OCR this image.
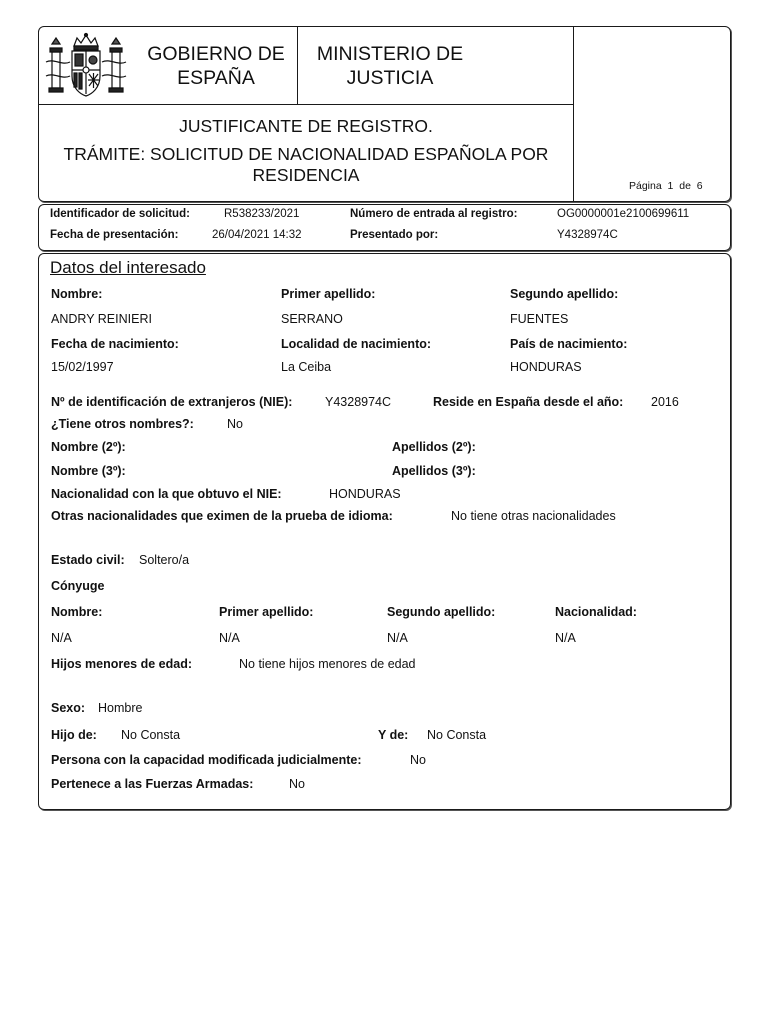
GOBIERNO DE ESPAÑA
MINISTERIO DE JUSTICIA
JUSTIFICANTE DE REGISTRO.
TRÁMITE: SOLICITUD DE NACIONALIDAD ESPAÑOLA POR RESIDENCIA
Página 1 de 6
Identificador de solicitud:	R538233/2021	Número de entrada al registro:	OG0000001e2100699611
Fecha de presentación:	26/04/2021 14:32	Presentado por:	Y4328974C
Datos del interesado
Nombre:	Primer apellido:	Segundo apellido:
ANDRY REINIERI	SERRANO	FUENTES
Fecha de nacimiento:	Localidad de nacimiento:	País de nacimiento:
15/02/1997	La Ceiba	HONDURAS
Nº de identificación de extranjeros (NIE):	Y4328974C	Reside en España desde el año: 2016
¿Tiene otros nombres?:	No
Nombre (2º):	Apellidos (2º):
Nombre (3º):	Apellidos (3º):
Nacionalidad con la que obtuvo el NIE:	HONDURAS
Otras nacionalidades que eximen de la prueba de idioma:	No tiene otras nacionalidades
Estado civil: Soltero/a
Cónyuge
Nombre:	Primer apellido:	Segundo apellido:	Nacionalidad:
N/A	N/A	N/A	N/A
Hijos menores de edad:	No tiene hijos menores de edad
Sexo: Hombre
Hijo de: No Consta	Y de: No Consta
Persona con la capacidad modificada judicialmente:	No
Pertenece a las Fuerzas Armadas:	No
